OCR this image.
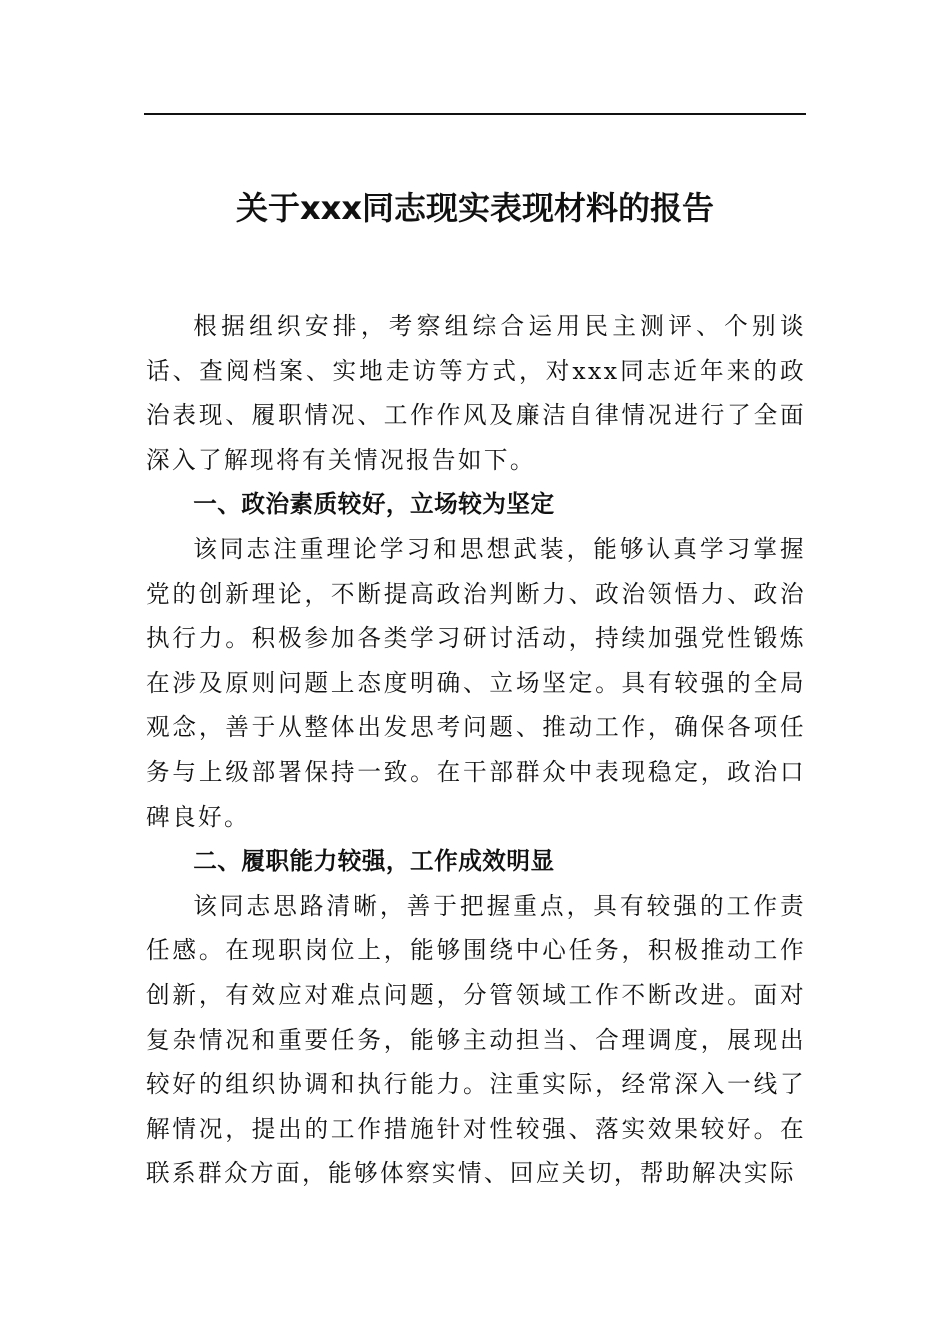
关于xxx同志现实表现材料的报告

根据组织安排，考察组综合运用民主测评、个别谈话、查阅档案、实地走访等方式，对xxx同志近年来的政治表现、履职情况、工作作风及廉洁自律情况进行了全面深入了解现将有关情况报告如下。

一、政治素质较好，立场较为坚定

该同志注重理论学习和思想武装，能够认真学习掌握党的创新理论，不断提高政治判断力、政治领悟力、政治执行力。积极参加各类学习研讨活动，持续加强党性锻炼在涉及原则问题上态度明确、立场坚定。具有较强的全局观念，善于从整体出发思考问题、推动工作，确保各项任务与上级部署保持一致。在干部群众中表现稳定，政治口碑良好。

二、履职能力较强，工作成效明显

该同志思路清晰，善于把握重点，具有较强的工作责任感。在现职岗位上，能够围绕中心任务，积极推动工作创新，有效应对难点问题，分管领域工作不断改进。面对复杂情况和重要任务，能够主动担当、合理调度，展现出较好的组织协调和执行能力。注重实际，经常深入一线了解情况，提出的工作措施针对性较强、落实效果较好。在联系群众方面，能够体察实情、回应关切，帮助解决实际
